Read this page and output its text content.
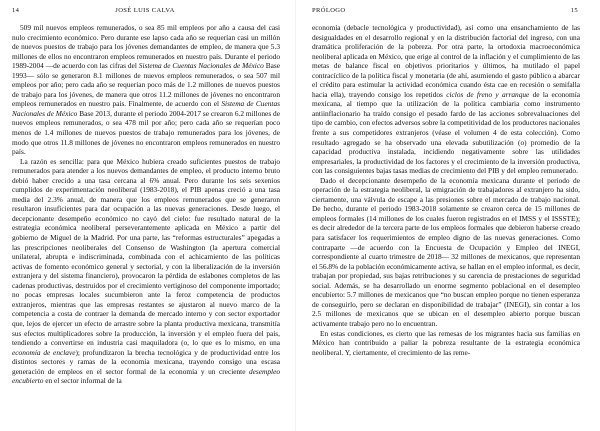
14	JOSÉ LUIS CALVA

509 mil nuevos empleos remunerados, o sea 85 mil empleos por año a causa del casi nulo crecimiento económico. Pero durante ese lapso cada año se requerían casi un millón de nuevos puestos de trabajo para los jóvenes demandantes de empleo, de manera que 5.3 millones de ellos no encontraron empleos remunerados en nuestro país. Durante el periodo 1989-2004 —de acuerdo con las cifras del Sistema de Cuentas Nacionales de México Base 1993— sólo se generaron 8.1 millones de nuevos empleos remunerados, o sea 507 mil empleos por año; pero cada año se requerían poco más de 1.2 millones de nuevos puestos de trabajo para los jóvenes, de manera que otros 11.2 millones de jóvenes no encontraron empleos remunerados en nuestro país. Finalmente, de acuerdo con el Sistema de Cuentas Nacionales de México Base 2013, durante el periodo 2004-2017 se crearon 6.2 millones de nuevos empleos remunerados, o sea 478 mil por año; pero cada año se requerían poco menos de 1.4 millones de nuevos puestos de trabajo remunerados para los jóvenes, de modo que otros 11.8 millones de jóvenes no encontraron empleos remunerados en nuestro país.

La razón es sencilla: para que México hubiera creado suficientes puestos de trabajo remunerados para atender a los nuevos demandantes de empleo, el producto interno bruto debió haber crecido a una tasa cercana al 6% anual. Pero durante los seis sexenios cumplidos de experimentación neoliberal (1983-2018), el PIB apenas creció a una tasa media del 2.3% anual, de manera que los empleos remunerados que se generaron resultaron insuficientes para dar ocupación a las nuevas generaciones. Desde luego, el decepcionante desempeño económico no cayó del cielo: fue resultado natural de la estrategia económica neoliberal perseverantemente aplicada en México a partir del gobierno de Miguel de la Madrid. Por una parte, las “reformas estructurales” apegadas a las prescripciones neoliberales del Consenso de Washington (la apertura comercial unilateral, abrupta e indiscriminada, combinada con el achicamiento de las políticas activas de fomento económico general y sectorial, y con la liberalización de la inversión extranjera y del sistema financiero), provocaron la pérdida de eslabones completos de las cadenas productivas, destruidos por el crecimiento vertiginoso del componente importado; no pocas empresas locales sucumbieron ante la feroz competencia de productos extranjeros, mientras que las empresas restantes se ajustaron al nuevo marco de la competencia a costa de contraer la demanda de mercado interno y con sector exportador que, lejos de ejercer un efecto de arrastre sobre la planta productiva mexicana, transmitía sus efectos multiplicadores sobre la producción, la inversión y el empleo fuera del país, tendiendo a convertirse en industria casi maquiladora (o, lo que es lo mismo, en una economía de enclave); profundizaron la brecha tecnológica y de productividad entre los distintos sectores y ramas de la economía mexicana, trayendo consigo una escasa generación de empleos en el sector formal de la economía y un creciente desempleo encubierto en el sector informal de la

PRÓLOGO	15

economía (debacle tecnológica y productividad), así como una ensanchamiento de las desigualdades en el desarrollo regional y en la distribución factorial del ingreso, con una dramática proliferación de la pobreza. Por otra parte, la ortodoxia macroeconómica neoliberal aplicada en México, que erige al control de la inflación y el cumplimiento de las metas de balance fiscal en objetivos prioritarios y últimos, ha mutilado el papel contracíclico de la política fiscal y monetaria (de ahí, asumiendo el gasto público a abarcar el crédito para estimular la actividad económica cuando ésta cae en recesión o semifalla hacia ella), trayendo consigo los repetidos ciclos de freno y arranque de la economía mexicana, al tiempo que la utilización de la política cambiaria como instrumento antiinflacionario ha traído consigo el pesado fardo de las acciones sobrevaluaciones del tipo de cambio, con efectos adversos sobre la competitividad de los productores nacionales frente a sus competidores extranjeros (véase el volumen 4 de esta colección). Como resultado agregado se ha observado una elevada subutilización (o) promedio de la capacidad productiva instalada, incidiendo negativamente sobre las utilidades empresariales, la productividad de los factores y el crecimiento de la inversión productiva, con las consiguientes bajas tasas medias de crecimiento del PIB y del empleo remunerado.

Dado el decepcionante desempeño de la economía mexicana durante el periodo de operación de la estrategia neoliberal, la emigración de trabajadores al extranjero ha sido, ciertamente, una válvula de escape a las presiones sobre el mercado de trabajo nacional. De hecho, durante el periodo 1983-2018 solamente se crearon cerca de 15 millones de empleos formales (14 millones de los cuales fueron registrados en el IMSS y el ISSSTE); es decir alrededor de la tercera parte de los empleos formales que debieron haberse creado para satisfacer los requerimientos de empleo digno de las nuevas generaciones. Como contraparte —de acuerdo con la Encuesta de Ocupación y Empleo del INEGI, correspondiente al cuarto trimestre de 2018— 32 millones de mexicanos, que representan el 56.8% de la población económicamente activa, se hallan en el empleo informal, es decir, trabajan por propiedad, sus bajas retribuciones y su carencia de prestaciones de seguridad social. Además, se ha desarrollado un enorme segmento poblacional en el desempleo encubierto: 5.7 millones de mexicanos que “no buscan empleo porque no tienen esperanza de conseguirlo, pero se declaran en disponibilidad de trabajar” (INEGI), sin contar a los 2.5 millones de mexicanos que se ubican en el desempleo abierto porque buscan activamente trabajo pero no lo encuentran.

En estas condiciones, es cierto que las remesas de los migrantes hacia sus familias en México han contribuido a paliar la pobreza resultante de la estrategia económica neoliberal. Y, ciertamente, el crecimiento de las reme-
